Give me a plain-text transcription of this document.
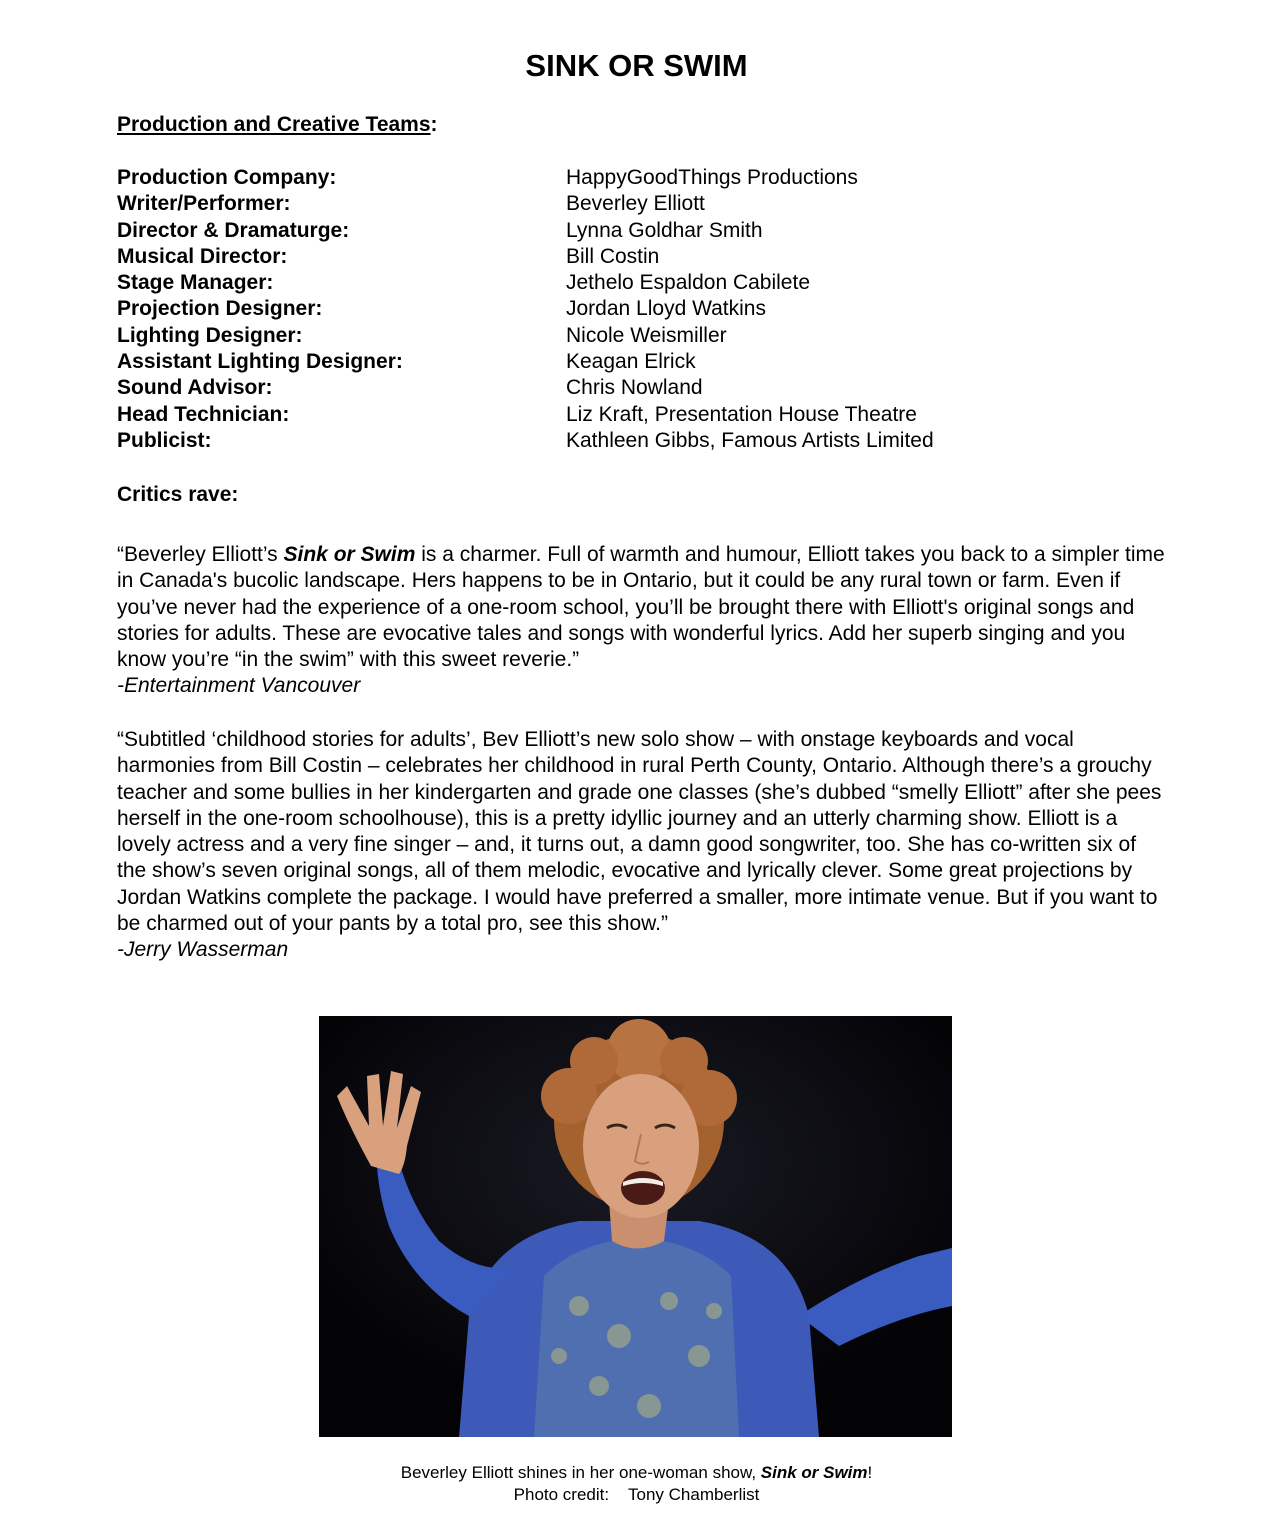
SINK OR SWIM
Production and Creative Teams:
Production Company:	HappyGoodThings Productions
Writer/Performer:	Beverley Elliott
Director & Dramaturge:	Lynna Goldhar Smith
Musical Director:	Bill Costin
Stage Manager:	Jethelo Espaldon Cabilete
Projection Designer:	Jordan Lloyd Watkins
Lighting Designer:	Nicole Weismiller
Assistant Lighting Designer:	Keagan Elrick
Sound Advisor:	Chris Nowland
Head Technician:	Liz Kraft, Presentation House Theatre
Publicist:	Kathleen Gibbs, Famous Artists Limited
Critics rave:

“Beverley Elliott’s Sink or Swim is a charmer. Full of warmth and humour, Elliott takes you back to a simpler time in Canada's bucolic landscape. Hers happens to be in Ontario, but it could be any rural town or farm. Even if you’ve never had the experience of a one-room school, you’ll be brought there with Elliott's original songs and stories for adults. These are evocative tales and songs with wonderful lyrics. Add her superb singing and you know you’re “in the swim” with this sweet reverie.”

-Entertainment Vancouver

“Subtitled ‘childhood stories for adults’, Bev Elliott’s new solo show – with onstage keyboards and vocal harmonies from Bill Costin – celebrates her childhood in rural Perth County, Ontario. Although there’s a grouchy teacher and some bullies in her kindergarten and grade one classes (she’s dubbed “smelly Elliott” after she pees herself in the one-room schoolhouse), this is a pretty idyllic journey and an utterly charming show. Elliott is a lovely actress and a very fine singer – and, it turns out, a damn good songwriter, too. She has co-written six of the show’s seven original songs, all of them melodic, evocative and lyrically clever. Some great projections by Jordan Watkins complete the package. I would have preferred a smaller, more intimate venue. But if you want to be charmed out of your pants by a total pro, see this show.”

-Jerry Wasserman

Beverley Elliott shines in her one-woman show, Sink or Swim!
Photo credit: Tony Chamberlist
